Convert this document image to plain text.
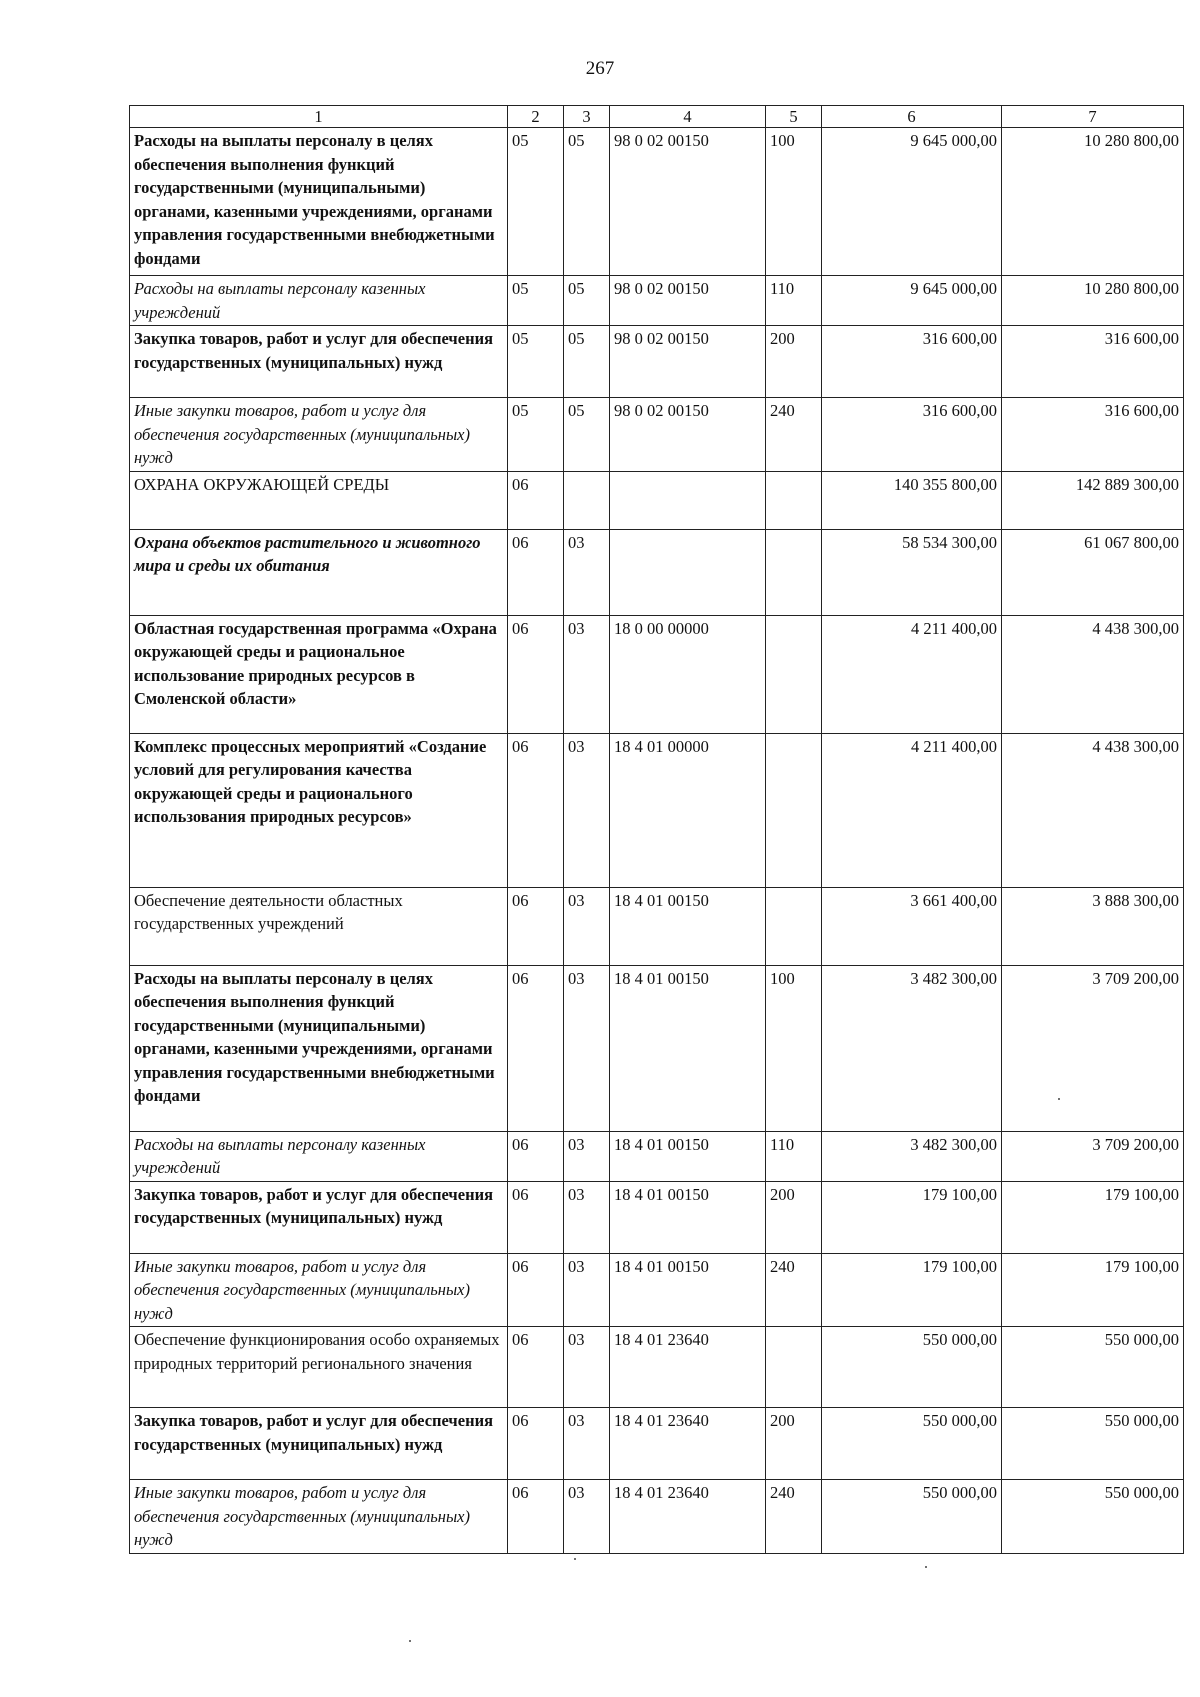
267
1	2	3	4	5	6	7
Расходы на выплаты персоналу в целях обеспечения выполнения функций государственными (муниципальными) органами, казенными учреждениями, органами управления государственными внебюджетными фондами	05	05	98 0 02 00150	100	9 645 000,00	10 280 800,00
Расходы на выплаты персоналу казенных учреждений	05	05	98 0 02 00150	110	9 645 000,00	10 280 800,00
Закупка товаров, работ и услуг для обеспечения государственных (муниципальных) нужд	05	05	98 0 02 00150	200	316 600,00	316 600,00
Иные закупки товаров, работ и услуг для обеспечения государственных (муниципальных) нужд	05	05	98 0 02 00150	240	316 600,00	316 600,00
ОХРАНА ОКРУЖАЮЩЕЙ СРЕДЫ	06				140 355 800,00	142 889 300,00
Охрана объектов растительного и животного мира и среды их обитания	06	03			58 534 300,00	61 067 800,00
Областная государственная программа «Охрана окружающей среды и рациональное использование природных ресурсов в Смоленской области»	06	03	18 0 00 00000		4 211 400,00	4 438 300,00
Комплекс процессных мероприятий «Создание условий для регулирования качества окружающей среды и рационального использования природных ресурсов»	06	03	18 4 01 00000		4 211 400,00	4 438 300,00
Обеспечение деятельности областных государственных учреждений	06	03	18 4 01 00150		3 661 400,00	3 888 300,00
Расходы на выплаты персоналу в целях обеспечения выполнения функций государственными (муниципальными) органами, казенными учреждениями, органами управления государственными внебюджетными фондами	06	03	18 4 01 00150	100	3 482 300,00	3 709 200,00
Расходы на выплаты персоналу казенных учреждений	06	03	18 4 01 00150	110	3 482 300,00	3 709 200,00
Закупка товаров, работ и услуг для обеспечения государственных (муниципальных) нужд	06	03	18 4 01 00150	200	179 100,00	179 100,00
Иные закупки товаров, работ и услуг для обеспечения государственных (муниципальных) нужд	06	03	18 4 01 00150	240	179 100,00	179 100,00
Обеспечение функционирования особо охраняемых природных территорий регионального значения	06	03	18 4 01 23640		550 000,00	550 000,00
Закупка товаров, работ и услуг для обеспечения государственных (муниципальных) нужд	06	03	18 4 01 23640	200	550 000,00	550 000,00
Иные закупки товаров, работ и услуг для обеспечения государственных (муниципальных) нужд	06	03	18 4 01 23640	240	550 000,00	550 000,00
